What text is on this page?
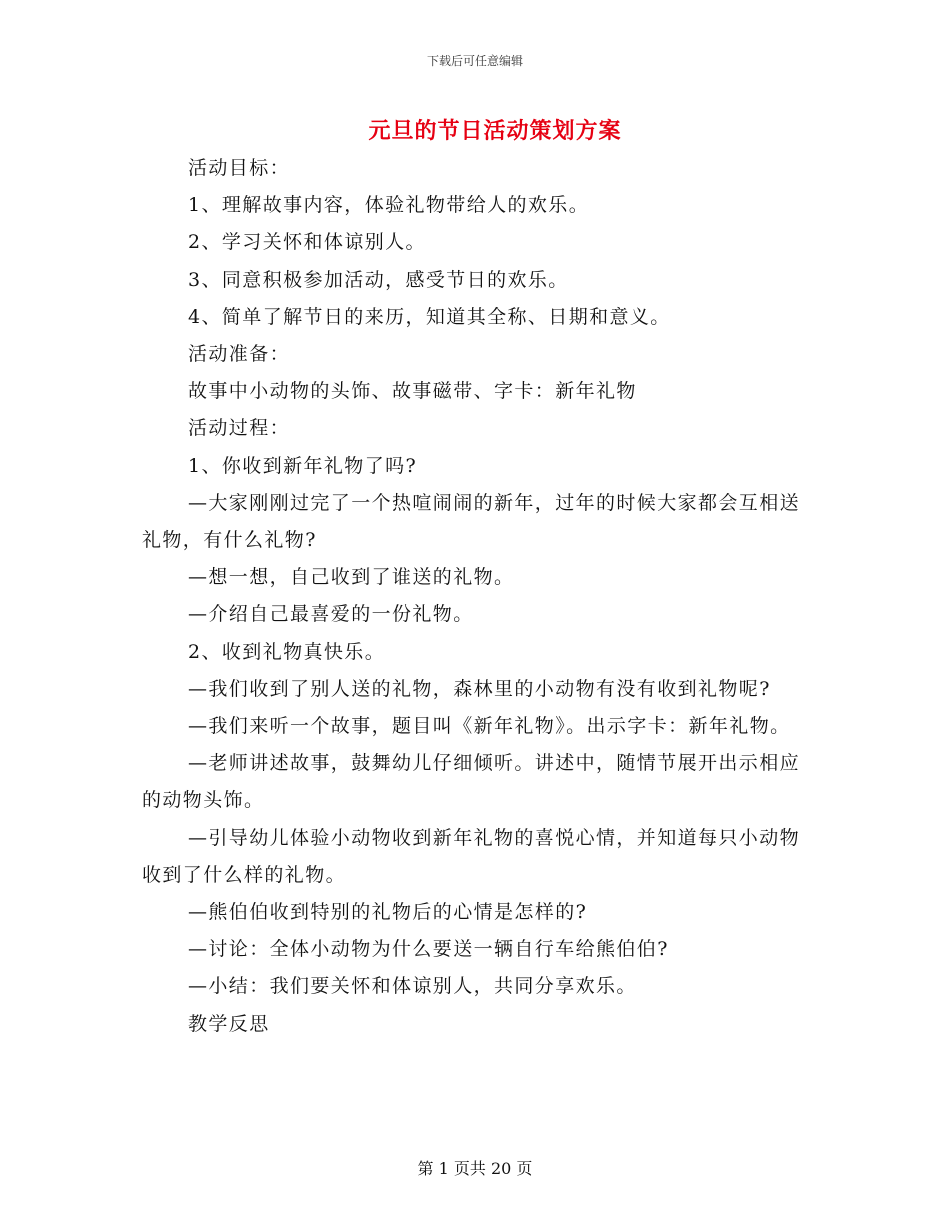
下载后可任意编辑
元旦的节日活动策划方案

活动目标：

1、理解故事内容，体验礼物带给人的欢乐。

2、学习关怀和体谅别人。

3、同意积极参加活动，感受节日的欢乐。

4、简单了解节日的来历，知道其全称、日期和意义。

活动准备：

故事中小动物的头饰、故事磁带、字卡：新年礼物

活动过程：

1、你收到新年礼物了吗?

—大家刚刚过完了一个热喧闹闹的新年，过年的时候大家都会互相送礼物，有什么礼物?

—想一想，自己收到了谁送的礼物。

—介绍自己最喜爱的一份礼物。

2、收到礼物真快乐。

—我们收到了别人送的礼物，森林里的小动物有没有收到礼物呢?

—我们来听一个故事，题目叫《新年礼物》。出示字卡：新年礼物。

—老师讲述故事，鼓舞幼儿仔细倾听。讲述中，随情节展开出示相应的动物头饰。

—引导幼儿体验小动物收到新年礼物的喜悦心情，并知道每只小动物收到了什么样的礼物。

—熊伯伯收到特别的礼物后的心情是怎样的?

—讨论：全体小动物为什么要送一辆自行车给熊伯伯?

—小结：我们要关怀和体谅别人，共同分享欢乐。

教学反思

第 1 页共 20 页
